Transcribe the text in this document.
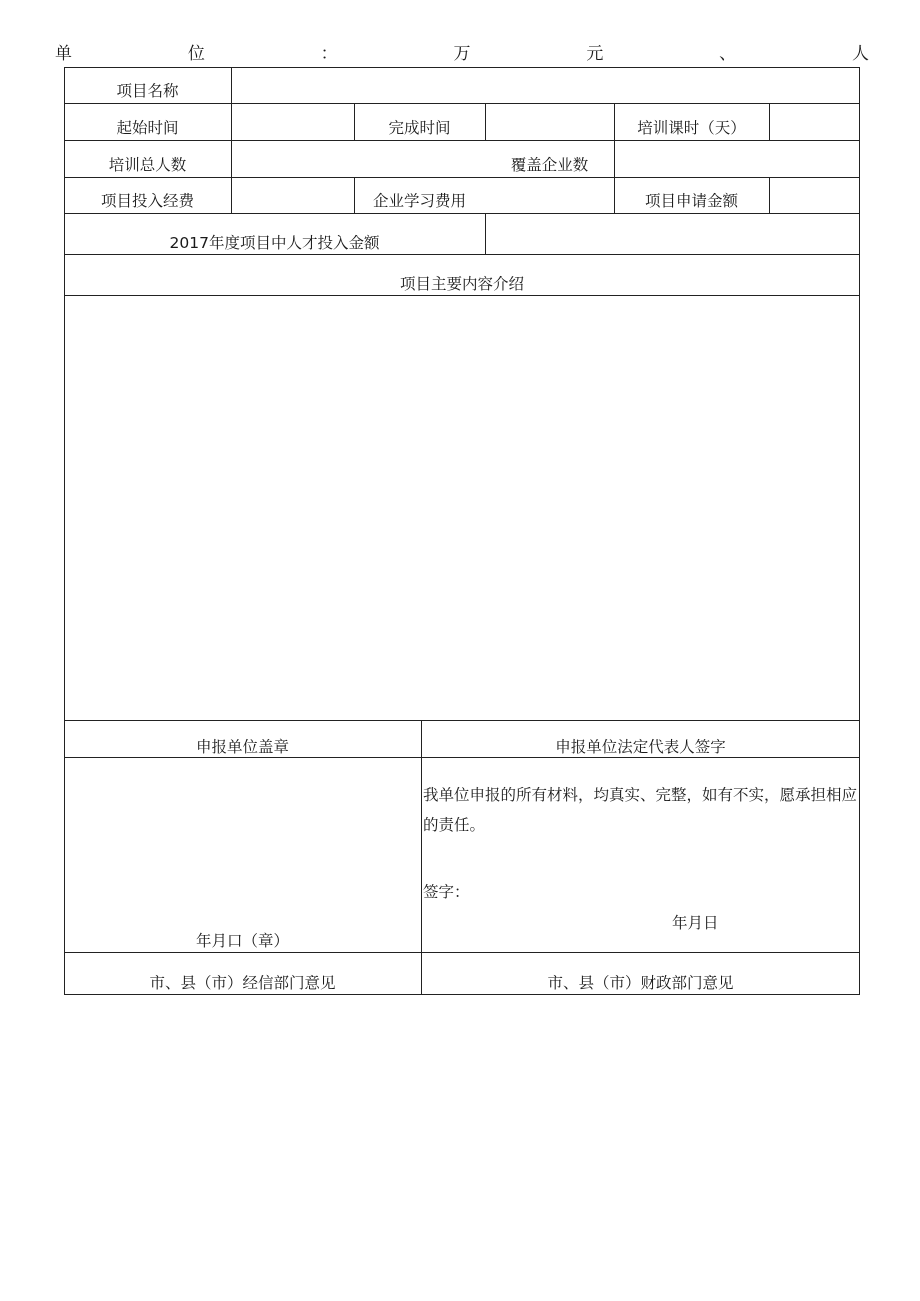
单	位	：	万	元	、	人
项目名称
起始时间	完成时间	培训课时（天）
培训总人数	覆盖企业数
项目投入经费	企业学习费用	项目申请金额
2017年度项目中人才投入金额
项目主要内容介绍
申报单位盖章	申报单位法定代表人签字
年月口（章）
我单位申报的所有材料，均真实、完整，如有不实，愿承担相应的责任。
签字：
年月日
市、县（市）经信部门意见	市、县（市）财政部门意见
